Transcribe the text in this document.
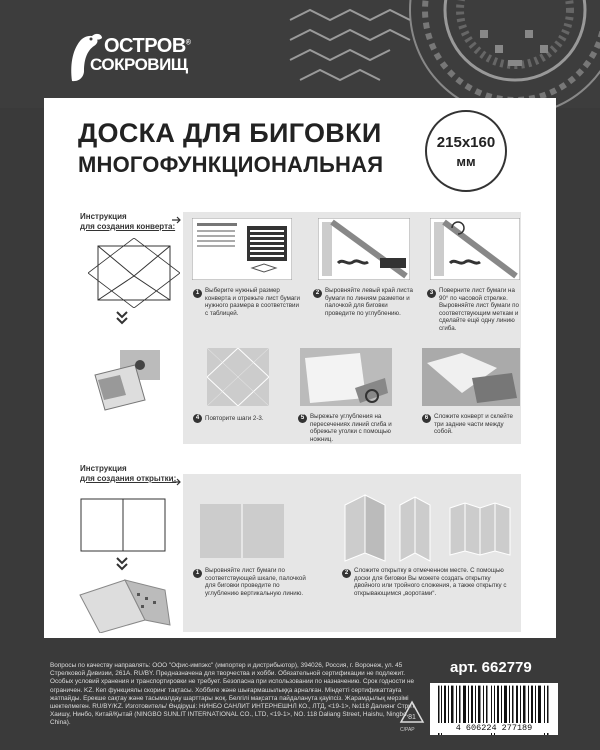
ОСТРОВ®
СОКРОВИЩ
ДОСКА ДЛЯ БИГОВКИ
МНОГОФУНКЦИОНАЛЬНАЯ
215x160
мм
Инструкция
для создания конверта:
1 Выберите нужный размер конверта и отрежьте лист бумаги нужного размера в соответствии с таблицей.
2 Выровняйте левый край листа бумаги по линиям разметки и палочкой для биговки проведите по углублению.
3 Поверните лист бумаги на 90° по часовой стрелке. Выровняйте лист бумаги по соответствующим меткам и сделайте ещё одну линию сгиба.
4 Повторите шаги 2-3.	5 Вырежьте углубления на пересечениях линий сгиба и обрежьте уголки с помощью ножниц.
6 Сложите конверт и склейте три задние части между собой.
Инструкция
для создания открытки:
1 Выровняйте лист бумаги по соответствующей шкале, палочкой для биговки проведите по углублению вертикальную линию.
2 Сложите открытку в отмеченном месте. С помощью доски для биговки Вы можете создать открытку двойного или тройного сложения, а также открытку с открывающимся „воротами“.
Вопросы по качеству направлять: ООО "Офис-импэкс" (импортер и дистрибьютор), 394026, Россия, г. Воронеж, ул. 45 Стрелковой Дивизии, 261А. RU/BY. Предназначена для творчества и хобби. Обязательной сертификации не подлежит. Особых условий хранения и транспортировки не требует. Безопасна при использовании по назначению. Срок годности не ограничен. KZ. Кеп функциялы скоринг тақтасы. Хоббиге және шығармашылыққа арналған. Міндетті сертификаттауға жатпайды. Ерекше сақтау және тасымалдау шарттары жоқ. Белгілі мақсатта пайдаланута қауіпсіз. Жарамдылық мерзімі шектелмеген. RU/BY/KZ. Изготовитель/ Өндіруші: НИНБО САНЛИТ ИНТЕРНЕШНЛ КО., ЛТД, <19-1>, №118 Далиянг Стрит, Хаишу, Нинбо, Китай/Қытай (NINGBO SUNLIT INTERNATIONAL CO., LTD, <19-1>, NO. 118 Daliang Street, Haishu, Ningbo, China).
арт. 662779
81
C/PAP	4 606224 277189
